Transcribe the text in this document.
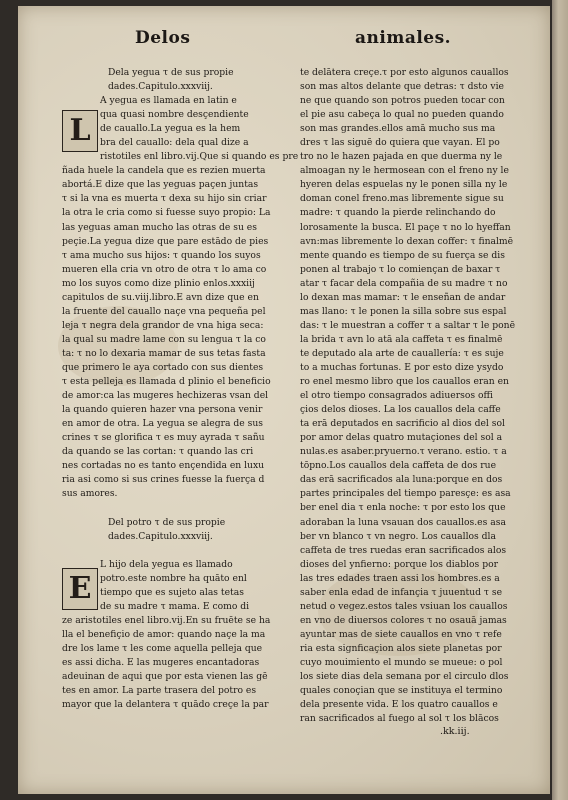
Delos	animales.
L
E
Dela yegua τ de sus propie
dades.Capitulo.xxxviij.
A yegua es llamada en latin e
qua quasi nombre desçendiente
de cauallo.La yegua es la hem
bra del cauallo: dela qual dize a
ristotiles enl libro.vij.Que si quando es pre
ñada huele la candela que es rezien muerta
abortá.E dize que las yeguas paçen juntas
τ si la vna es muerta τ dexa su hijo sin criar
la otra le cria como si fuesse suyo propio: La
las yeguas aman mucho las otras de su es
peçie.La yegua dize que pare estādo de pies
τ ama mucho sus hijos: τ quando los suyos
mueren ella cria vn otro de otra τ lo ama co
mo los suyos como dize plinio enlos.xxxiij
capitulos de su.viij.libro.E avn dize que en
la fruente del cauallo naçe vna pequeña pel
leja τ negra dela grandor de vna higa seca:
la qual su madre lame con su lengua τ la co
ta: τ no lo dexaria mamar de sus tetas fasta
que primero le aya cortado con sus dientes
τ esta pelleja es llamada d plinio el beneficio
de amor:ca las mugeres hechizeras vsan del
la quando quieren hazer vna persona venir
en amor de otra. La yegua se alegra de sus
crines τ se glorifica τ es muy ayrada τ sañu
da quando se las cortan: τ quando las cri
nes cortadas no es tanto ençendida en luxu
ria asi como si sus crines fuesse la fuerça d
sus amores.
Del potro τ de sus propie
dades.Capitulo.xxxviij.
L hijo dela yegua es llamado
potro.este nombre ha quāto enl
tiempo que es sujeto alas tetas
de su madre τ mama. E como di
ze aristotiles enel libro.vij.En su fruēte se ha
lla el benefiçio de amor: quando naçe la ma
dre los lame τ les come aquella pelleja que
es assi dicha. E las mugeres encantadoras
adeuinan de aqui que por esta vienen las gē
tes en amor. La parte trasera del potro es
mayor que la delantera τ quādo creçe la par
te delātera creçe.τ por esto algunos cauallos
son mas altos delante que detras: τ dsto vie
ne que quando son potros pueden tocar con
el pie asu cabeça lo qual no pueden quando
son mas grandes.ellos amā mucho sus ma
dres τ las siguē do quiera que vayan. El po
tro no le hazen pajada en que duerma ny le
almoagan ny le hermosean con el freno ny le
hyeren delas espuelas ny le ponen silla ny le
doman conel freno.mas libremente sigue su
madre: τ quando la pierde relinchando do
lorosamente la busca. El paçe τ no lo hyeffan
avn:mas libremente lo dexan coffer: τ finalmē
mente quando es tiempo de su fuerça se dis
ponen al trabajo τ lo comiençan de baxar τ
atar τ facar dela compañia de su madre τ no
lo dexan mas mamar: τ le enseñan de andar
mas llano: τ le ponen la silla sobre sus espal
das: τ le muestran a coffer τ a saltar τ le ponē
la brida τ avn lo atā ala caffeta τ es finalmē
te deputado ala arte de cauallería: τ es suje
to a muchas fortunas. E por esto dize ysydo
ro enel mesmo libro que los cauallos eran en
el otro tiempo consagrados adiuersos offi
çios delos dioses. La los cauallos dela caffe
ta erā deputados en sacrificio al dios del sol
por amor delas quatro mutaçiones del sol a
nulas.es asaber.pryuerno.τ verano. estio. τ a
tōpno.Los cauallos dela caffeta de dos rue
das erā sacrificados ala luna:porque en dos
partes principales del tiempo paresçe: es asa
ber enel dia τ enla noche: τ por esto los que
adoraban la luna vsauan dos cauallos.es asa
ber vn blanco τ vn negro. Los cauallos dla
caffeta de tres ruedas eran sacrificados alos
dioses del ynfierno: porque los diablos por
las tres edades traen assi los hombres.es a
saber enla edad de infançia τ juuentud τ se
netud o vegez.estos tales vsiuan los cauallos
en vno de diuersos colores τ no osauā jamas
ayuntar mas de siete cauallos en vno τ refe
ria esta signficaçion alos siete planetas por
cuyo mouimiento el mundo se mueue: o pol
los siete dias dela semana por el circulo dlos
quales conoçian que se instituya el termino
dela presente vida. E los quatro cauallos e
ran sacrificados al fuego al sol τ los blācos
.kk.iij.
